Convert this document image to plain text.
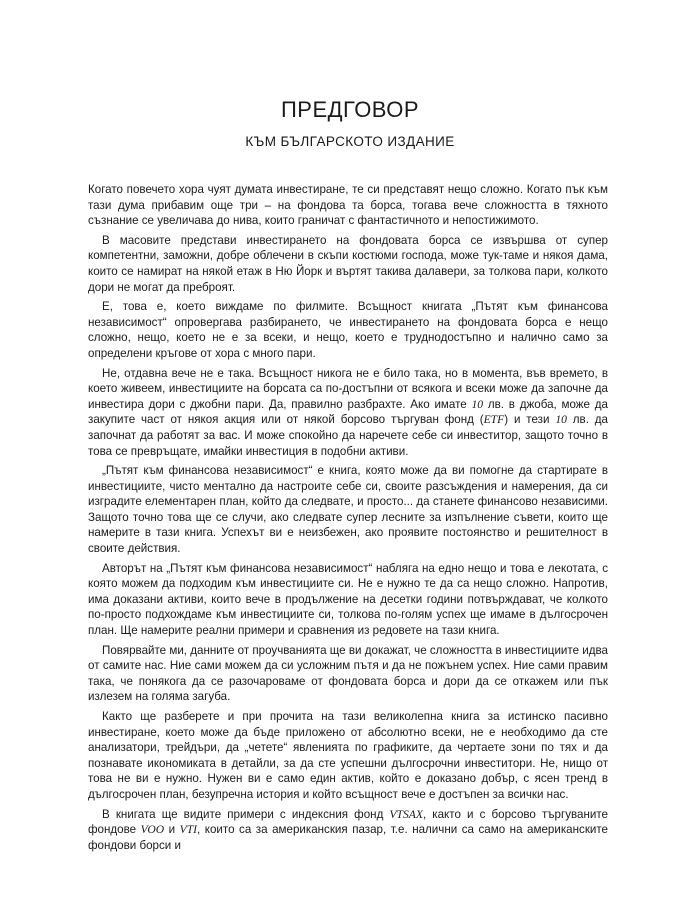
ПРЕДГОВОР
КЪМ БЪЛГАРСКОТО ИЗДАНИЕ

Когато повечето хора чуят думата инвестиране, те си представят нещо сложно. Когато пък към тази дума прибавим още три – на фондова та борса, тогава вече сложността в тяхното съзнание се увеличава до нива, които граничат с фантастичното и непостижимото.

В масовите представи инвестирането на фондовата борса се извършва от супер компетентни, заможни, добре облечени в скъпи костюми господа, може тук-таме и някоя дама, които се намират на някой етаж в Ню Йорк и въртят такива далавери, за толкова пари, колкото дори не могат да преброят.

Е, това е, което виждаме по филмите. Всъщност книгата „Пътят към финансова независимост“ опровергава разбирането, че инвестирането на фондовата борса е нещо сложно, нещо, което не е за всеки, и нещо, което е труднодостъпно и налично само за определени кръгове от хора с много пари.

Не, отдавна вече не е така. Всъщност никога не е било така, но в момента, във времето, в което живеем, инвестициите на борсата са по-достъпни от всякога и всеки може да започне да инвестира дори с джобни пари. Да, правилно разбрахте. Ако имате 10 лв. в джоба, може да закупите част от някоя акция или от някой борсово търгуван фонд (ETF) и тези 10 лв. да започнат да работят за вас. И може спокойно да наречете себе си инвеститор, защото точно в това се превръщате, имайки инвестиция в подобни активи.

„Пътят към финансова независимост“ е книга, която може да ви помогне да стартирате в инвестициите, чисто ментално да настроите себе си, своите разсъждения и намерения, да си изградите елементарен план, който да следвате, и просто... да станете финансово независими. Защото точно това ще се случи, ако следвате супер лесните за изпълнение съвети, които ще намерите в тази книга. Успехът ви е неизбежен, ако проявите постоянство и решителност в своите действия.

Авторът на „Пътят към финансова независимост“ набляга на едно нещо и това е лекотата, с която можем да подходим към инвестициите си. Не е нужно те да са нещо сложно. Напротив, има доказани активи, които вече в продължение на десетки години потвърждават, че колкото по-просто подхождаме към инвестициите си, толкова по-голям успех ще имаме в дългосрочен план. Ще намерите реални примери и сравнения из редовете на тази книга.

Повярвайте ми, данните от проучванията ще ви докажат, че сложността в инвестициите идва от самите нас. Ние сами можем да си усложним пътя и да не пожънем успех. Ние сами правим така, че понякога да се разочароваме от фондовата борса и дори да се откажем или пък излезем на голяма загуба.

Както ще разберете и при прочита на тази великолепна книга за истинско пасивно инвестиране, което може да бъде приложено от абсолютно всеки, не е необходимо да сте анализатори, трейдъри, да „четете“ явленията по графиките, да чертаете зони по тях и да познавате икономиката в детайли, за да сте успешни дългосрочни инвеститори. Не, нищо от това не ви е нужно. Нужен ви е само един актив, който е доказано добър, с ясен тренд в дългосрочен план, безупречна история и който всъщност вече е достъпен за всички нас.

В книгата ще видите примери с индексния фонд VTSAX, както и с борсово търгуваните фондове VOO и VTI, които са за американския пазар, т.е. налични са само на американските фондови борси и
